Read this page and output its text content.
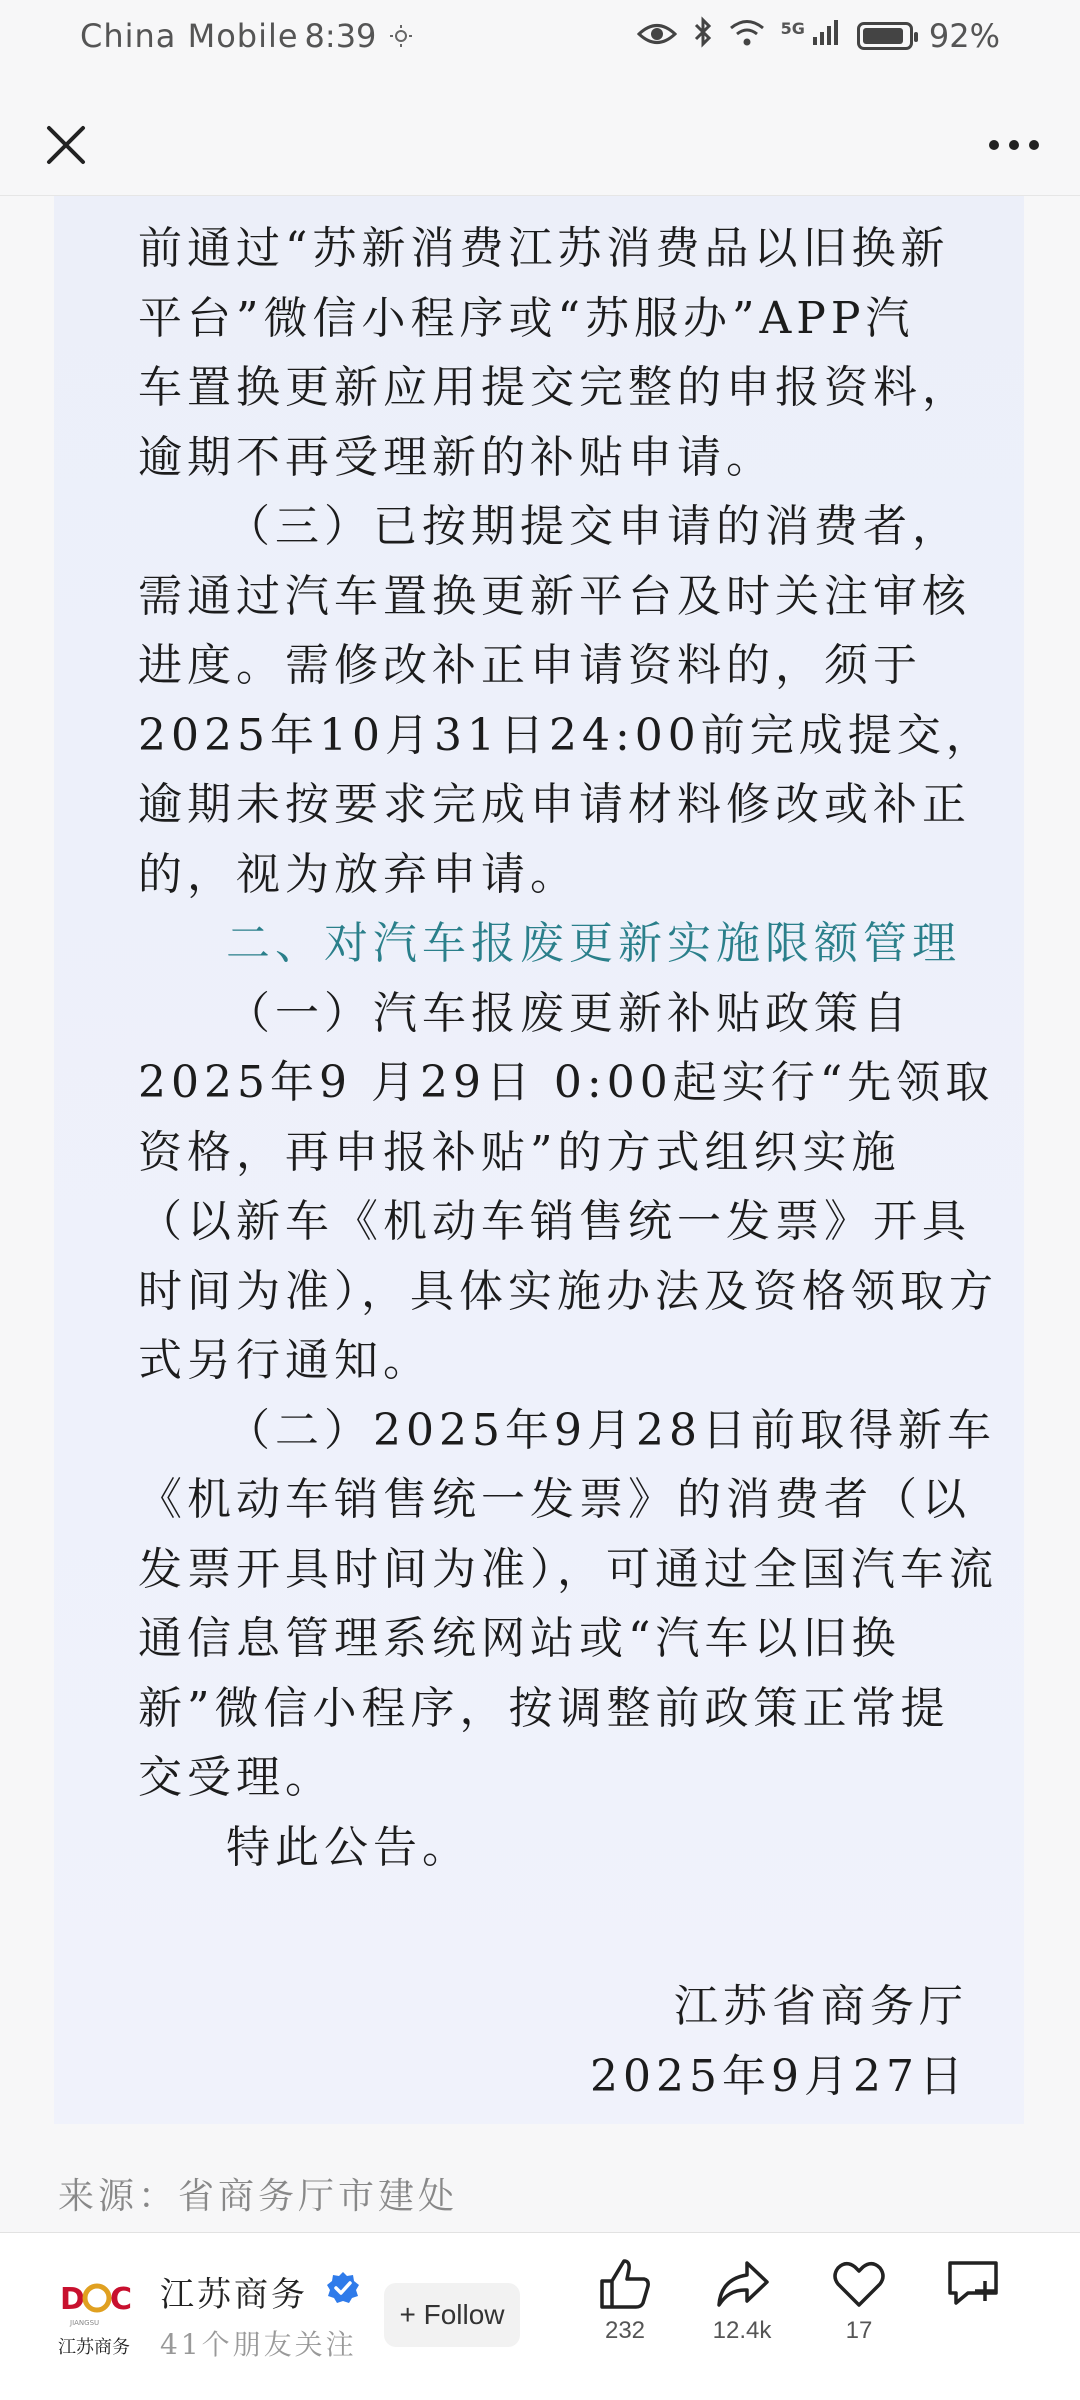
China Mobile 8:39	5G	92%

前通过“苏新消费江苏消费品以旧换新

平台”微信小程序或“苏服办”APP汽

车置换更新应用提交完整的申报资料，

逾期不再受理新的补贴申请。

（三）已按期提交申请的消费者，需通过汽车置换更新平台及时关注审核进度。需修改补正申请资料的，须于2025年10月31日24:00前完成提交，逾期未按要求完成申请材料修改或补正的，视为放弃申请。

二、对汽车报废更新实施限额管理

（一）汽车报废更新补贴政策自2025年9 月29日 0:00起实行“先领取资格，再申报补贴”的方式组织实施（以新车《机动车销售统一发票》开具时间为准），具体实施办法及资格领取方式另行通知。

（二）2025年9月28日前取得新车《机动车销售统一发票》的消费者（以发票开具时间为准），可通过全国汽车流通信息管理系统网站或“汽车以旧换新”微信小程序，按调整前政策正常提交受理。

特此公告。

江苏省商务厅

2025年9月27日

来源：省商务厅市建处
D C
JIANGSU
江苏商务
江苏商务
41个朋友关注
+ Follow
232	12.4k	17
